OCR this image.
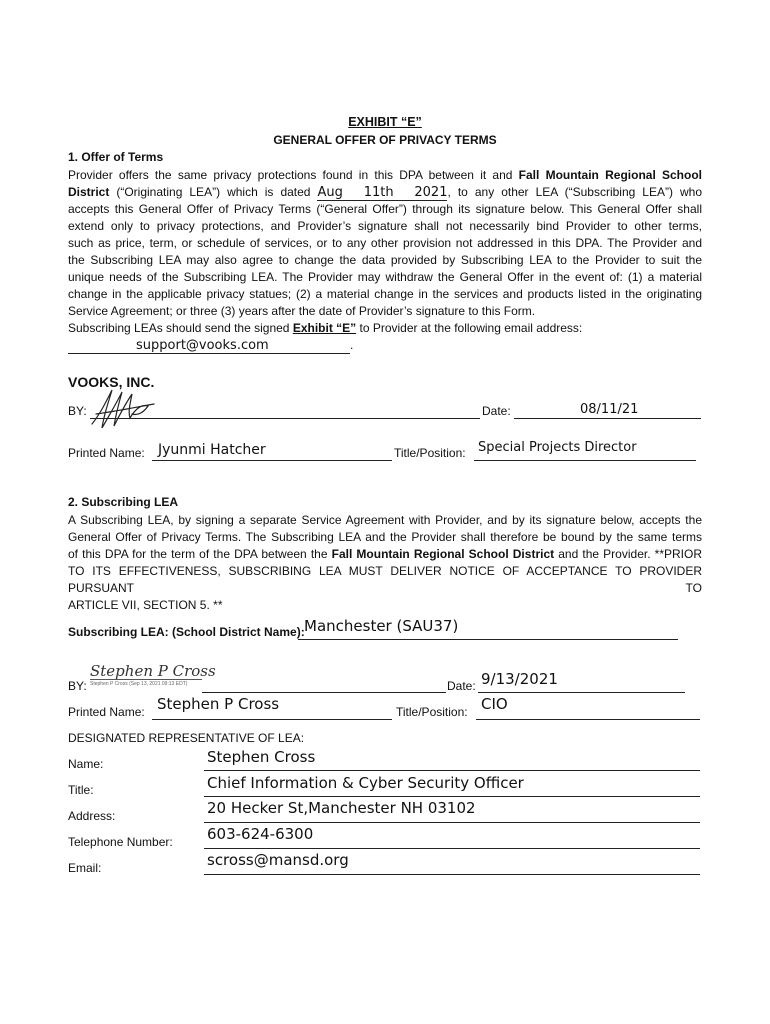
EXHIBIT “E”
GENERAL OFFER OF PRIVACY TERMS
1. Offer of Terms
Provider offers the same privacy protections found in this DPA between it and Fall Mountain Regional School
District (“Originating LEA”) which is dated Aug 11th 2021, to any other LEA (“Subscribing LEA”) who
accepts this General Offer of Privacy Terms (“General Offer”) through its signature below. This General Offer shall
extend only to privacy protections, and Provider’s signature shall not necessarily bind Provider to other terms,
such as price, term, or schedule of services, or to any other provision not addressed in this DPA. The Provider and
the Subscribing LEA may also agree to change the data provided by Subscribing LEA to the Provider to suit the
unique needs of the Subscribing LEA. The Provider may withdraw the General Offer in the event of: (1) a material
change in the applicable privacy statues; (2) a material change in the services and products listed in the originating
Service Agreement; or three (3) years after the date of Provider’s signature to this Form.
Subscribing LEAs should send the signed Exhibit “E” to Provider at the following email address:
support@vooks.com	.
VOOKS, INC.
BY:	Date:	08/11/21
Printed Name: Jyunmi Hatcher	Title/Position: Special Projects Director
2. Subscribing LEA
A Subscribing LEA, by signing a separate Service Agreement with Provider, and by its signature below, accepts the
General Offer of Privacy Terms. The Subscribing LEA and the Provider shall therefore be bound by the same terms
of this DPA for the term of the DPA between the Fall Mountain Regional School District and the Provider. **PRIOR
TO ITS EFFECTIVENESS, SUBSCRIBING LEA MUST DELIVER NOTICE OF ACCEPTANCE TO PROVIDER PURSUANT TO
ARTICLE VII, SECTION 5. **
Subscribing LEA: (School District Name): Manchester (SAU37)
BY:
Stephen P Cross
Stephen P Cross (Sep 13, 2021 09:13 EDT)	Date: 9/13/2021
Printed Name: Stephen P Cross	Title/Position: CIO
DESIGNATED REPRESENTATIVE OF LEA:
Name:	Stephen Cross
Title:	Chief Information & Cyber Security Officer
Address:	20 Hecker St,Manchester NH 03102
Telephone Number: 603-624-6300
Email:	scross@mansd.org
